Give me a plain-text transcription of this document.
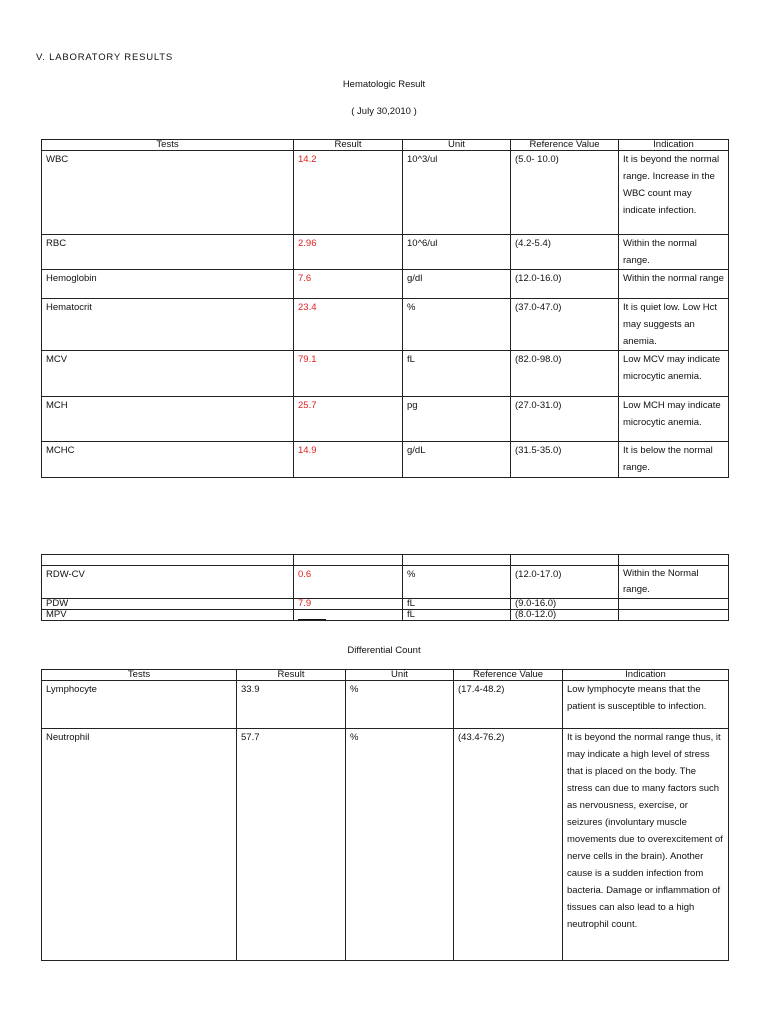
V. LABORATORY RESULTS
Hematologic Result
( July 30,2010 )
Tests	Result	Unit	Reference Value	Indication
WBC	14.2	10^3/ul	(5.0- 10.0)	It is beyond the normal range. Increase in the WBC count may indicate infection.
RBC	2.96	10^6/ul	(4.2-5.4)	Within the normal range.
Hemoglobin	7.6	g/dl	(12.0-16.0)	Within the normal range
Hematocrit	23.4	%	(37.0-47.0)	It is quiet low. Low Hct may suggests an anemia.
MCV	79.1	fL	(82.0-98.0)	Low MCV may indicate microcytic anemia.
MCH	25.7	pg	(27.0-31.0)	Low MCH may indicate microcytic anemia.
MCHC	14.9	g/dL	(31.5-35.0)	It is below the normal range.

RDW-CV	0.6	%	(12.0-17.0)	Within the Normal range.
PDW	7.9	fL	(9.0-16.0)	
MPV		fL	(8.0-12.0)	
Differential Count
Tests	Result	Unit	Reference Value	Indication
Lymphocyte	33.9	%	(17.4-48.2)	Low lymphocyte means that the patient is susceptible to infection.
Neutrophil	57.7	%	(43.4-76.2)	It is beyond the normal range thus, it may indicate a high level of stress that is placed on the body. The stress can due to many factors such as nervousness, exercise, or seizures (involuntary muscle movements due to overexcitement of nerve cells in the brain). Another cause is a sudden infection from bacteria. Damage or inflammation of tissues can also lead to a high neutrophil count.
